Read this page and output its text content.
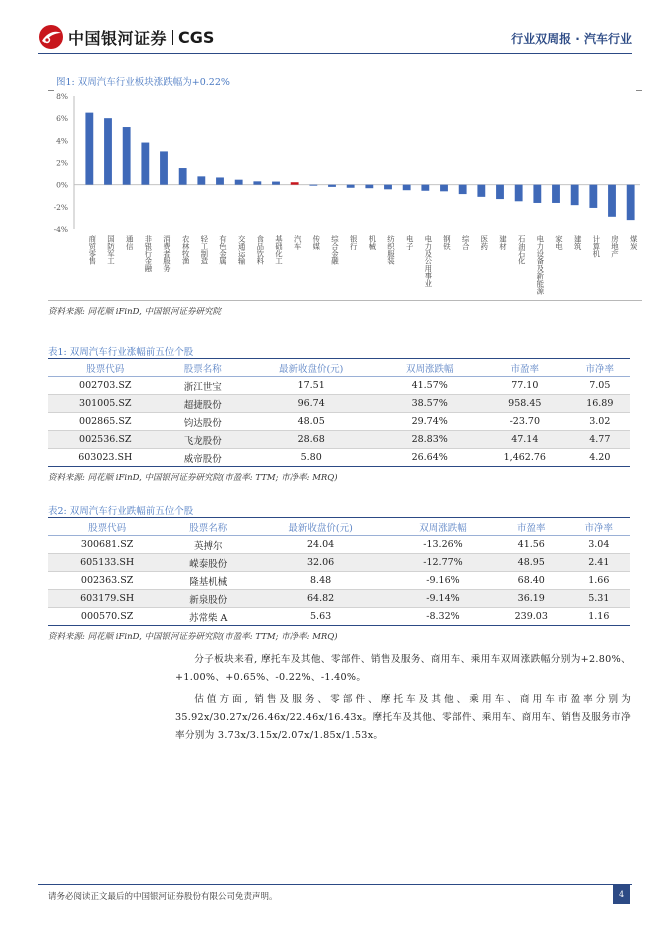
中国银河证券 CGS	行业双周报 · 汽车行业
图1: 双周汽车行业板块涨跌幅为+0.22%
-4%
-2%
0%
2%
4%
6%
8%
商贸零售 国防军工 通信 非银行金融 消费者服务 农林牧渔 轻工制造 有色金属 交通运输 食品饮料 基础化工 汽车 传媒 综合金融 银行 机械 纺织服装 电子 电力及公用事业 钢铁 综合 医药 建材 石油石化 电力设备及新能源 家电 建筑 计算机 房地产 煤炭
资料来源: 同花顺 iFinD, 中国银河证券研究院
表1: 双周汽车行业涨幅前五位个股
股票代码	股票名称	最新收盘价(元)	双周涨跌幅	市盈率	市净率
002703.SZ	浙江世宝	17.51	41.57%	77.10	7.05
301005.SZ	超捷股份	96.74	38.57%	958.45	16.89
002865.SZ	钧达股份	48.05	29.74%	-23.70	3.02
002536.SZ	飞龙股份	28.68	28.83%	47.14	4.77
603023.SH	威帝股份	5.80	26.64%	1,462.76	4.20
资料来源: 同花顺 iFinD, 中国银河证券研究院(市盈率: TTM; 市净率: MRQ)
表2: 双周汽车行业跌幅前五位个股
股票代码	股票名称	最新收盘价(元)	双周涨跌幅	市盈率	市净率
300681.SZ	英搏尔	24.04	-13.26%	41.56	3.04
605133.SH	嵘泰股份	32.06	-12.77%	48.95	2.41
002363.SZ	隆基机械	8.48	-9.16%	68.40	1.66
603179.SH	新泉股份	64.82	-9.14%	36.19	5.31
000570.SZ	苏常柴 A	5.63	-8.32%	239.03	1.16
资料来源: 同花顺 iFinD, 中国银河证券研究院(市盈率: TTM; 市净率: MRQ)

分子板块来看, 摩托车及其他、零部件、销售及服务、商用车、乘用车双周涨跌幅分别为+2.80%、+1.00%、+0.65%、-0.22%、-1.40%。

估值方面, 销售及服务、零部件、摩托车及其他、乘用车、商用车市盈率分别为35.92x/30.27x/26.46x/22.46x/16.43x。摩托车及其他、零部件、乘用车、商用车、销售及服务市净率分别为 3.73x/3.15x/2.07x/1.85x/1.53x。

请务必阅读正文最后的中国银河证券股份有限公司免责声明。	4
